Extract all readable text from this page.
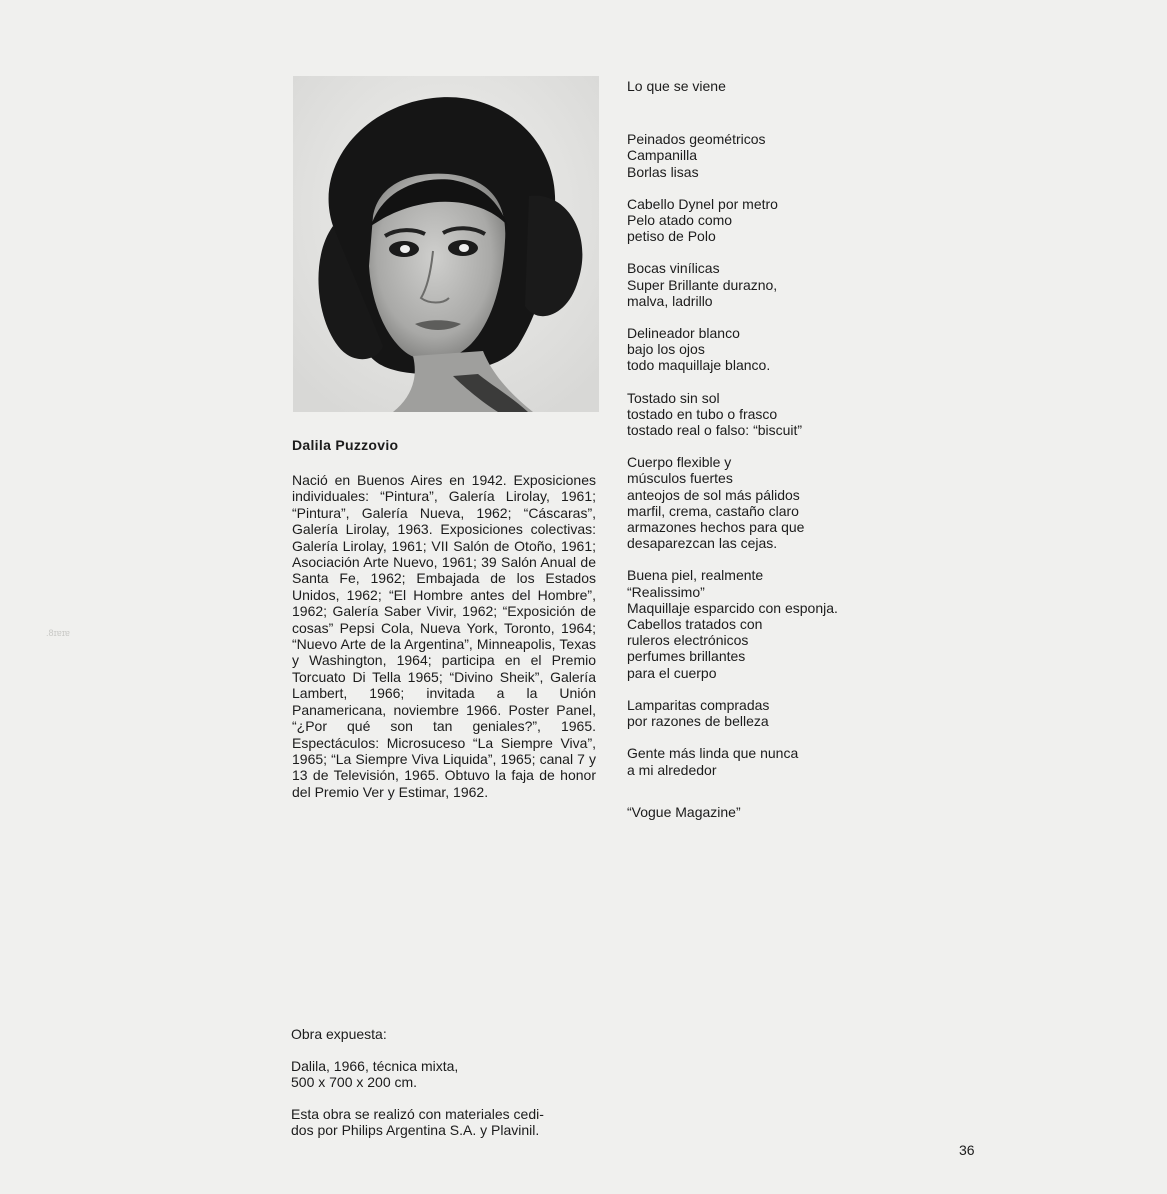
Dalila Puzzovio
Nació en Buenos Aires en 1942. Exposiciones individuales: “Pintura”, Galería Lirolay, 1961; “Pintura”, Galería Nueva, 1962; “Cáscaras”, Galería Lirolay, 1963. Exposiciones colectivas: Galería Lirolay, 1961; VII Salón de Otoño, 1961; Asociación Arte Nuevo, 1961; 39 Salón Anual de Santa Fe, 1962; Embajada de los Estados Unidos, 1962; “El Hombre antes del Hombre”, 1962; Galería Saber Vivir, 1962; “Exposición de cosas” Pepsi Cola, Nueva York, Toronto, 1964; “Nuevo Arte de la Argentina”, Minneapolis, Texas y Washington, 1964; participa en el Premio Torcuato Di Tella 1965; “Divino Sheik”, Galería Lambert, 1966; invitada a la Unión Panamericana, noviembre 1966. Poster Panel, “¿Por qué son tan geniales?”, 1965. Espectáculos: Microsuceso “La Siempre Viva”, 1965; “La Siempre Viva Liquida”, 1965; canal 7 y 13 de Televisión, 1965. Obtuvo la faja de honor del Premio Ver y Estimar, 1962.
Lo que se viene
Peinados geométricos
Campanilla
Borlas lisas
Cabello Dynel por metro
Pelo atado como
petiso de Polo
Bocas vinílicas
Super Brillante durazno,
malva, ladrillo
Delineador blanco
bajo los ojos
todo maquillaje blanco.
Tostado sin sol
tostado en tubo o frasco
tostado real o falso: “biscuit”
Cuerpo flexible y
músculos fuertes
anteojos de sol más pálidos
marfil, crema, castaño claro
armazones hechos para que
desaparezcan las cejas.
Buena piel, realmente
“Realissimo”
Maquillaje esparcido con esponja.
Cabellos tratados con
ruleros electrónicos
perfumes brillantes
para el cuerpo
Lamparitas compradas
por razones de belleza
Gente más linda que nunca
a mi alrededor
“Vogue Magazine”
Obra expuesta:
Dalila, 1966, técnica mixta,
500 x 700 x 200 cm.
Esta obra se realizó con materiales cedi-
dos por Philips Argentina S.A. y Plavinil.
36
.8ɪɐɪɐ
